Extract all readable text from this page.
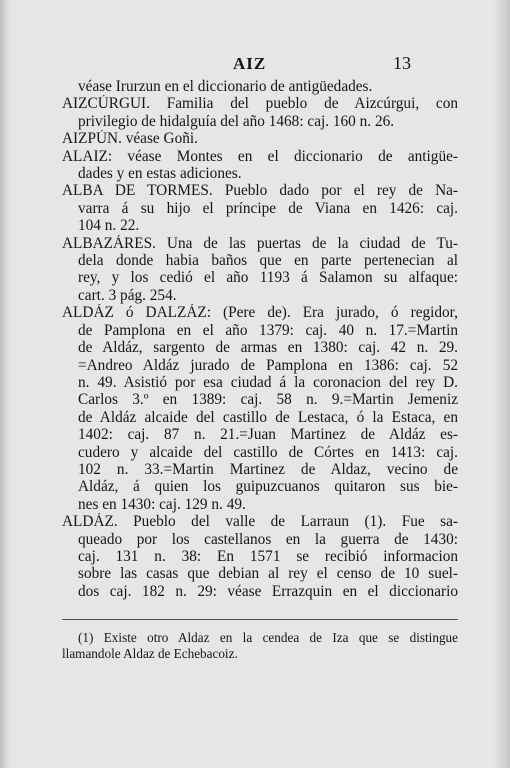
AIZ	13
véase Irurzun en el diccionario de antigüedades.
AIZCÚRGUI. Familia del pueblo de Aizcúrgui, con
privilegio de hidalguía del año 1468: caj. 160 n. 26.
AIZPÚN. véase Goñi.
ALAIZ: véase Montes en el diccionario de antigüe-
dades y en estas adiciones.
ALBA DE TORMES. Pueblo dado por el rey de Na-
varra á su hijo el príncipe de Viana en 1426: caj.
104 n. 22.
ALBAZÁRES. Una de las puertas de la ciudad de Tu-
dela donde habia baños que en parte pertenecian al
rey, y los cedió el año 1193 á Salamon su alfaque:
cart. 3 pág. 254.
ALDÁZ ó DALZÁZ: (Pere de). Era jurado, ó regidor,
de Pamplona en el año 1379: caj. 40 n. 17.=Martin
de Aldáz, sargento de armas en 1380: caj. 42 n. 29.
=Andreo Aldáz jurado de Pamplona en 1386: caj. 52
n. 49. Asistió por esa ciudad á la coronacion del rey D.
Carlos 3.º en 1389: caj. 58 n. 9.=Martin Jemeniz
de Aldáz alcaide del castillo de Lestaca, ó la Estaca, en
1402: caj. 87 n. 21.=Juan Martinez de Aldáz es-
cudero y alcaide del castillo de Córtes en 1413: caj.
102 n. 33.=Martin Martinez de Aldaz, vecino de
Aldáz, á quien los guipuzcuanos quitaron sus bie-
nes en 1430: caj. 129 n. 49.
ALDÁZ. Pueblo del valle de Larraun (1). Fue sa-
queado por los castellanos en la guerra de 1430:
caj. 131 n. 38: En 1571 se recibió informacion
sobre las casas que debian al rey el censo de 10 suel-
dos caj. 182 n. 29: véase Errazquin en el diccionario
(1) Existe otro Aldaz en la cendea de Iza que se distingue
llamandole Aldaz de Echebacoiz.
